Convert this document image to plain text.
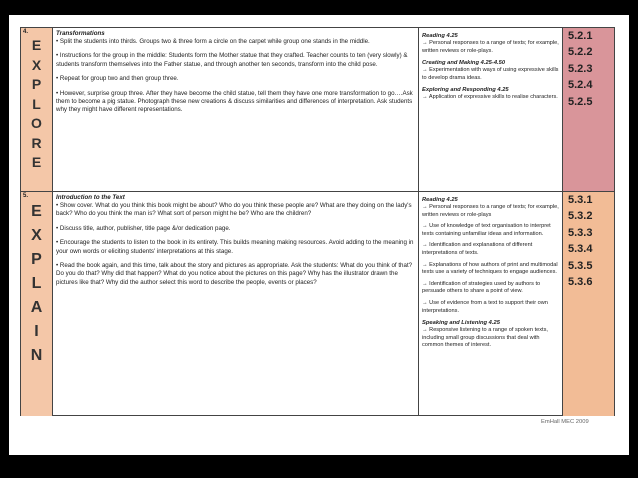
4.
E
X
P
L
O
R
E
Transformations

• Split the students into thirds. Groups two & three form a circle on the carpet while group one stands in the middle.

• Instructions for the group in the middle: Students form the Mother statue that they crafted. Teacher counts to ten (very slowly) & students transform themselves into the Father statue, and through another ten seconds, transform into the child pose.

• Repeat for group two and then group three.

• However, surprise group three. After they have become the child statue, tell them they have one more transformation to go….Ask them to become a pig statue. Photograph these new creations & discuss similarities and differences of interpretation. Ask students why they might have different representations.

Reading 4.25
→ Personal responses to a range of texts; for example, written reviews or role-plays.
Creating and Making 4.25-4.50
→ Experimentation with ways of using expressive skills to develop drama ideas.
Exploring and Responding 4.25
→ Application of expressive skills to realise characters.
5.2.1
5.2.2
5.2.3
5.2.4
5.2.5
5.
E
X
P
L
A
I
N
Introduction to the Text

• Show cover. What do you think this book might be about? Who do you think these people are? What are they doing on the lady's back? Who do you think the man is? What sort of person might he be? Who are the children?

• Discuss title, author, publisher, title page &/or dedication page.

• Encourage the students to listen to the book in its entirety. This builds meaning making resources. Avoid adding to the meaning in your own words or eliciting students' interpretations at this stage.

• Read the book again, and this time, talk about the story and pictures as appropriate. Ask the students: What do you think of that? Do you do that? Why did that happen? What do you notice about the pictures on this page? Why has the illustrator drawn the pictures like that? Why did the author select this word to describe the people, events or places?

Reading 4.25
→ Personal responses to a range of texts; for example, written reviews or role-plays
→ Use of knowledge of text organisation to interpret texts containing unfamiliar ideas and information.
→ Identification and explanations of different interpretations of texts.
→ Explanations of how authors of print and multimodal texts use a variety of techniques to engage audiences.
→ Identification of strategies used by authors to persuade others to share a point of view.
→ Use of evidence from a text to support their own interpretations.
Speaking and Listening 4.25
→ Responsive listening to a range of spoken texts, including small group discussions that deal with common themes of interest.
5.3.1
5.3.2
5.3.3
5.3.4
5.3.5
5.3.6
EmHall MEC 2009
